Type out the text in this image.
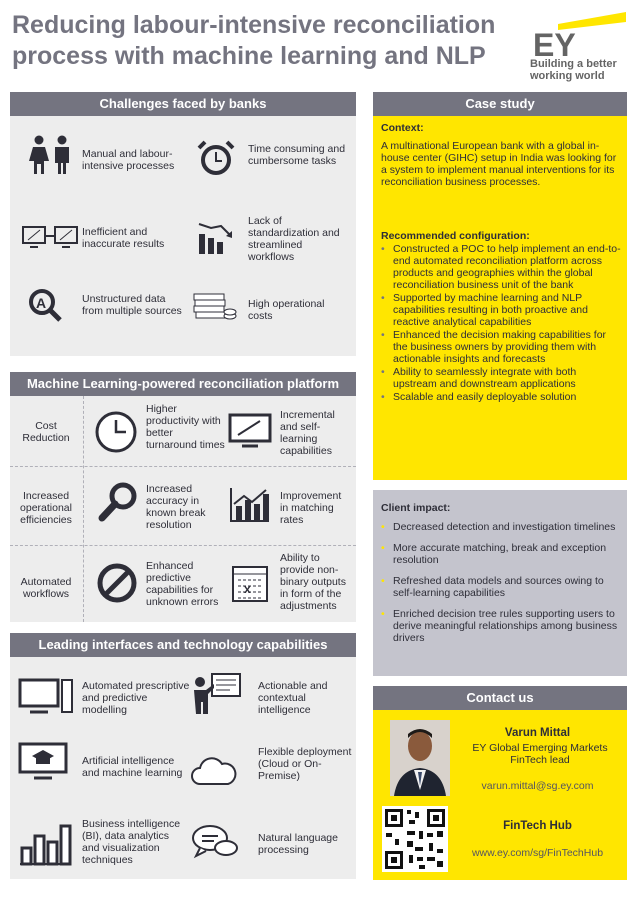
Reducing labour-intensive reconciliation process with machine learning and NLP	EY
Building a better working world
Challenges faced by banks
Manual and labour-intensive processes
Time consuming and cumbersome tasks
Inefficient and inaccurate results
Lack of standardization and streamlined workflows
A	Unstructured data from multiple sources
High operational costs
Machine Learning-powered reconciliation platform
Cost Reduction
Higher productivity with better turnaround times
Incremental and self-learning capabilities
Increased operational efficiencies
Increased accuracy in known break resolution
Improvement in matching rates
Automated workflows
Enhanced predictive capabilities for unknown errors
x
Ability to provide non-binary outputs in form of the adjustments
Leading interfaces and technology capabilities
Automated prescriptive and predictive modelling
Actionable and contextual intelligence
Artificial intelligence and machine learning
Flexible deployment (Cloud or On-Premise)
Business intelligence (BI), data analytics and visualization techniques
Natural language processing
Case study
Context:
A multinational European bank with a global in-house center (GIHC) setup in India was looking for a system to implement manual interventions for its reconciliation business processes.
Recommended configuration:
• Constructed a POC to help implement an end-to-end automated reconciliation platform across products and geographies within the global reconciliation business unit of the bank
• Supported by machine learning and NLP capabilities resulting in both proactive and reactive analytical capabilities
• Enhanced the decision making capabilities for the business owners by providing them with actionable insights and forecasts
• Ability to seamlessly integrate with both upstream and downstream applications
• Scalable and easily deployable solution
Client impact:
• Decreased detection and investigation timelines
• More accurate matching, break and exception resolution
• Refreshed data models and sources owing to self-learning capabilities
• Enriched decision tree rules supporting users to derive meaningful relationships among business drivers
Contact us
Varun Mittal
EY Global Emerging Markets FinTech lead
varun.mittal@sg.ey.com
FinTech Hub
www.ey.com/sg/FinTechHub
